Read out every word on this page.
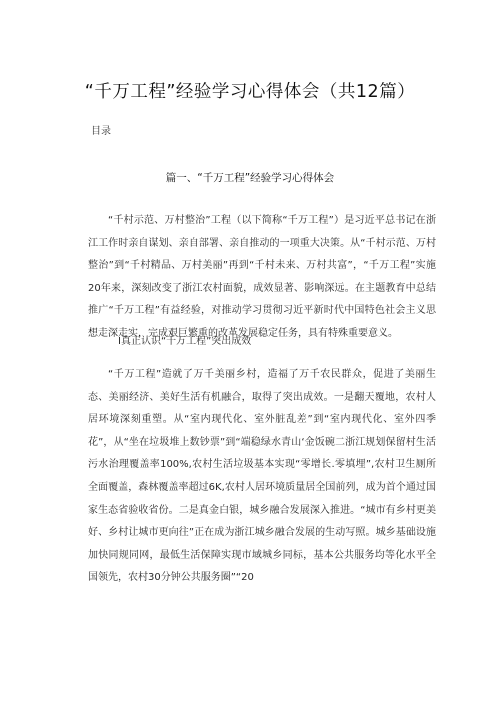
“千万工程”经验学习心得体会（共12篇）
目录
篇一、“千万工程”经验学习心得体会

“千村示范、万村整治”工程（以下简称“千万工程”）是习近平总书记在浙江工作时亲自谋划、亲自部署、亲自推动的一项重大决策。从“千村示范、万村整治”到“千村精品、万村美丽”再到“千村未来、万村共富”，“千万工程”实施20年来，深刻改变了浙江农村面貌，成效显著、影响深远。在主题教育中总结推广“千万工程”有益经验，对推动学习贯彻习近平新时代中国特色社会主义思想走深走实，完成艰巨繁重的改革发展稳定任务，具有特殊重要意义。

I真正认识“千万工程”突出成效

“千万工程”造就了万千美丽乡村，造福了万千农民群众，促进了美丽生态、美丽经济、美好生活有机融合，取得了突出成效。一是翻天覆地，农村人居环境深刻重塑。从“室内现代化、室外脏乱差”到“室内现代化、室外四季花”，从“坐在垃圾堆上数钞票”到“端稳绿水青山‘金饭碗二浙江规划保留村生活污水治理覆盖率100%,农村生活垃圾基本实现“零增长.零填埋”,农村卫生厕所全面覆盖，森林覆盖率超过6K,农村人居环境质量居全国前列，成为首个通过国家生态省验收省份。二是真金白银，城乡融合发展深入推进。“城市有乡村更美好、乡村让城市更向往”正在成为浙江城乡融合发展的生动写照。城乡基础设施加快同规同网，最低生活保障实现市域城乡同标，基本公共服务均等化水平全国领先，农村30分钟公共服务圈”“20
